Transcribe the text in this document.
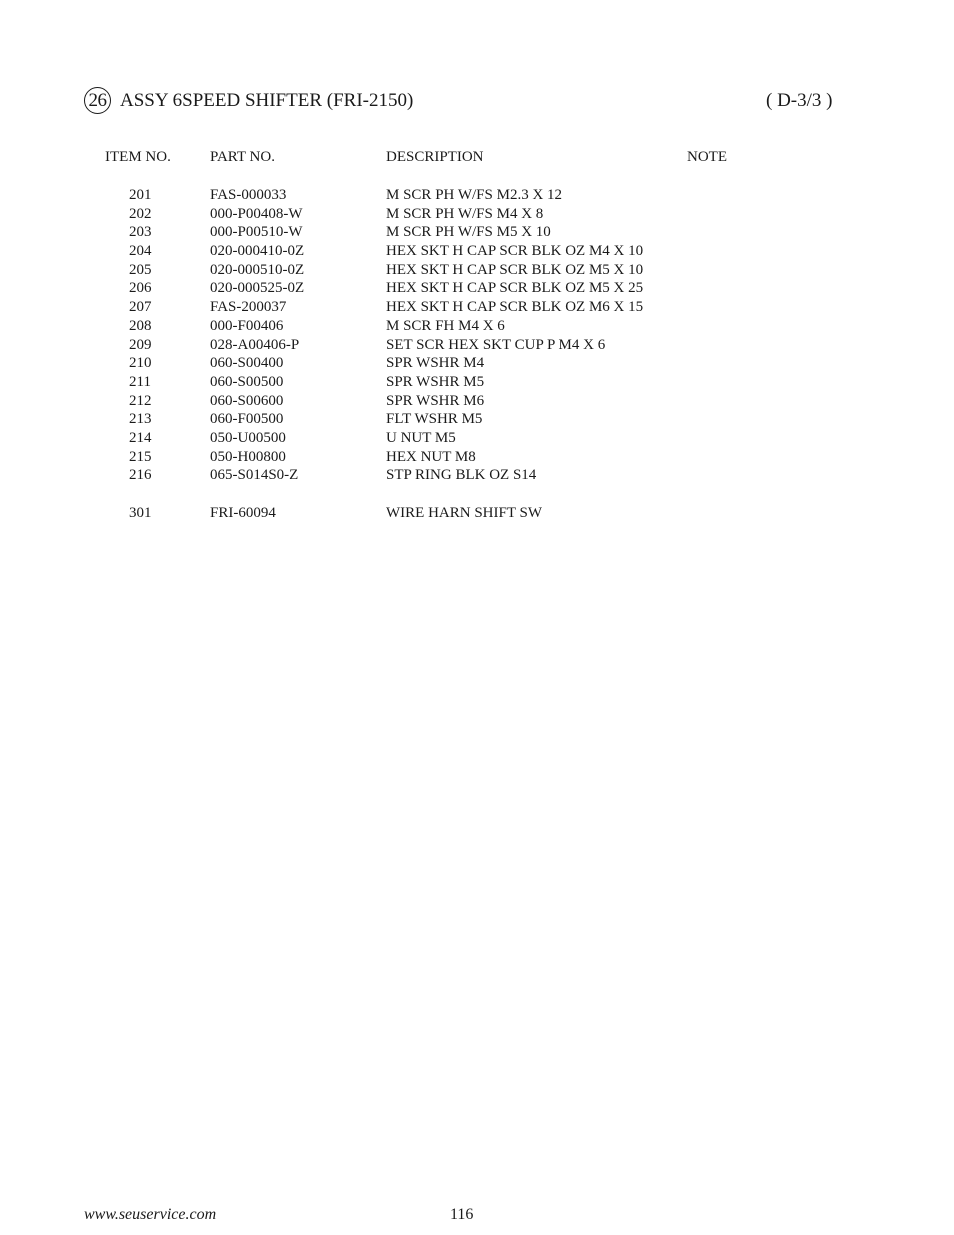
26 ASSY 6SPEED SHIFTER (FRI-2150)	( D-3/3 )
ITEM NO.	PART NO.	DESCRIPTION	NOTE
201	FAS-000033	M SCR PH W/FS M2.3 X 12
202	000-P00408-W	M SCR PH W/FS M4 X 8
203	000-P00510-W	M SCR PH W/FS M5 X 10
204	020-000410-0Z	HEX SKT H CAP SCR BLK OZ M4 X 10
205	020-000510-0Z	HEX SKT H CAP SCR BLK OZ M5 X 10
206	020-000525-0Z	HEX SKT H CAP SCR BLK OZ M5 X 25
207	FAS-200037	HEX SKT H CAP SCR BLK OZ M6 X 15
208	000-F00406	M SCR FH M4 X 6
209	028-A00406-P	SET SCR HEX SKT CUP P M4 X 6
210	060-S00400	SPR WSHR M4
211	060-S00500	SPR WSHR M5
212	060-S00600	SPR WSHR M6
213	060-F00500	FLT WSHR M5
214	050-U00500	U NUT M5
215	050-H00800	HEX NUT M8
216	065-S014S0-Z	STP RING BLK OZ S14
301	FRI-60094	WIRE HARN SHIFT SW
www.seuservice.com	116
